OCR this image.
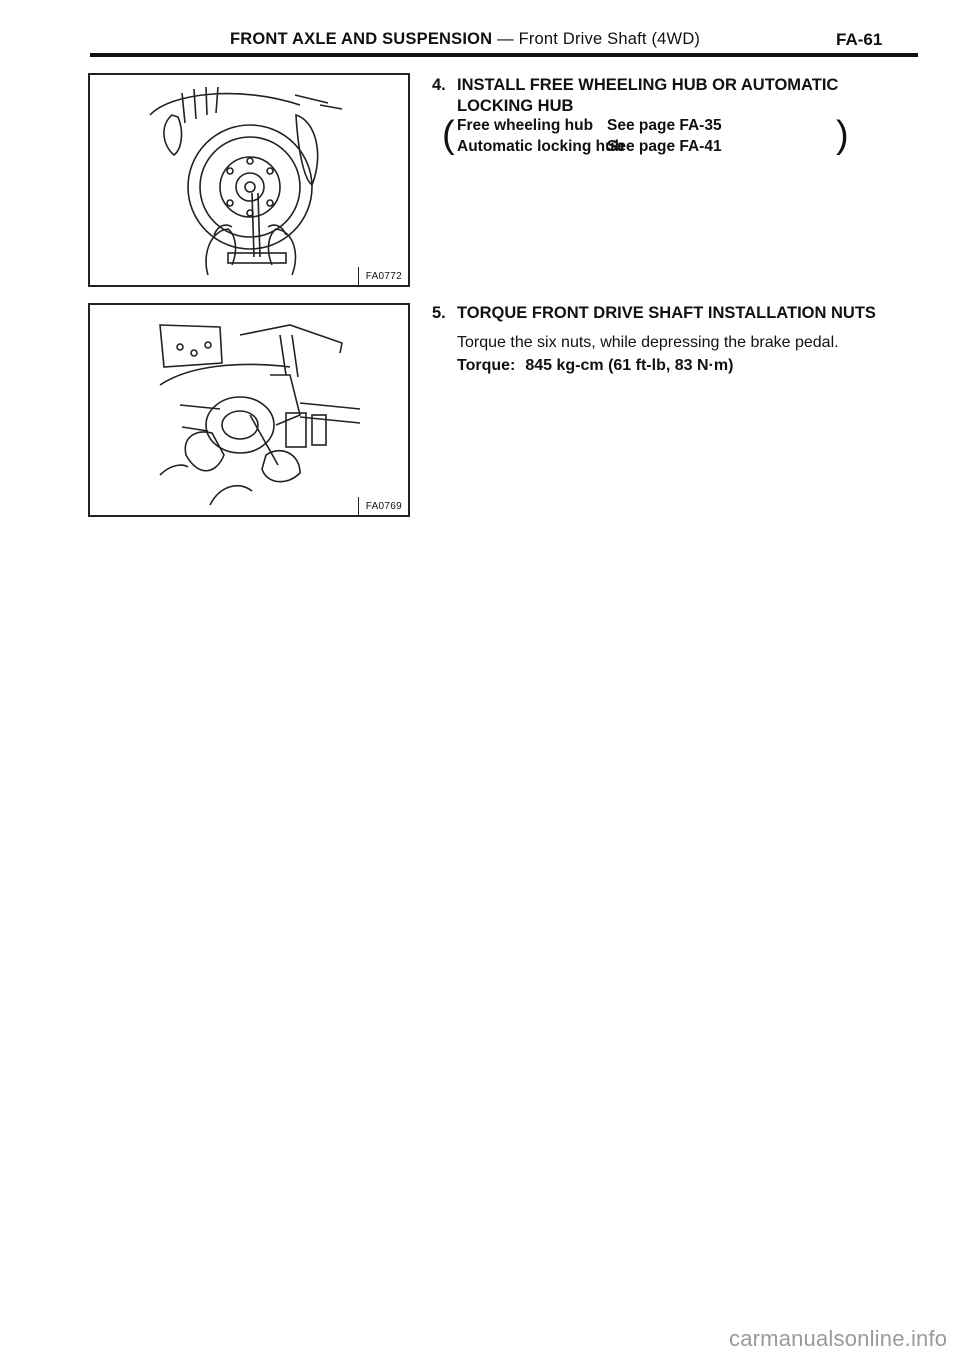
FRONT AXLE AND SUSPENSION — Front Drive Shaft (4WD)	FA-61
FA0772
FA0769
4. INSTALL FREE WHEELING HUB OR AUTOMATIC
LOCKING HUB
( Free wheeling hub See page FA-35
Automatic locking hubSee page FA-41	)
5. TORQUE FRONT DRIVE SHAFT INSTALLATION NUTS
Torque the six nuts, while depressing the brake pedal.
Torque: 845 kg-cm (61 ft-lb, 83 N·m)
carmanualsonline.info
